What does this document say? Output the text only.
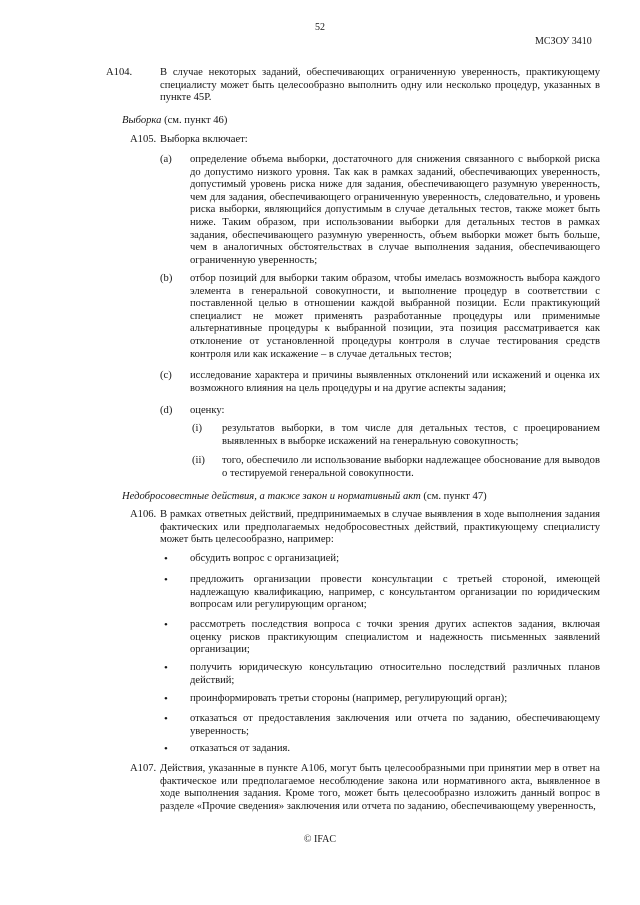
52
МСЗОУ 3410
A104.	В случае некоторых заданий, обеспечивающих ограниченную уверенность, практикующему специалисту может быть целесообразно выполнить одну или несколько процедур, указанных в пункте 45Р.
Выборка (см. пункт 46)
A105. Выборка включает:
(a) определение объема выборки, достаточного для снижения связанного с выборкой риска до допустимо низкого уровня. Так как в рамках заданий, обеспечивающих уверенность, допустимый уровень риска ниже для задания, обеспечивающего разумную уверенность, чем для задания, обеспечивающего ограниченную уверенность, следовательно, и уровень риска выборки, являющийся допустимым в случае детальных тестов, также может быть ниже. Таким образом, при использовании выборки для детальных тестов в рамках задания, обеспечивающего разумную уверенность, объем выборки может быть больше, чем в аналогичных обстоятельствах в случае выполнения задания, обеспечивающего ограниченную уверенность;
(b) отбор позиций для выборки таким образом, чтобы имелась возможность выбора каждого элемента в генеральной совокупности, и выполнение процедур в соответствии с поставленной целью в отношении каждой выбранной позиции. Если практикующий специалист не может применять разработанные процедуры или применимые альтернативные процедуры к выбранной позиции, эта позиция рассматривается как отклонение от установленной процедуры контроля в случае тестирования средств контроля или как искажение – в случае детальных тестов;
(c) исследование характера и причины выявленных отклонений или искажений и оценка их возможного влияния на цель процедуры и на другие аспекты задания;
(d) оценку:
(i) результатов выборки, в том числе для детальных тестов, с проецированием выявленных в выборке искажений на генеральную совокупность;
(ii) того, обеспечило ли использование выборки надлежащее обоснование для выводов о тестируемой генеральной совокупности.
Недобросовестные действия, а также закон и нормативный акт (см. пункт 47)
A106. В рамках ответных действий, предпринимаемых в случае выявления в ходе выполнения задания фактических или предполагаемых недобросовестных действий, практикующему специалисту может быть целесообразно, например:
• обсудить вопрос с организацией;
• предложить организации провести консультации с третьей стороной, имеющей надлежащую квалификацию, например, с консультантом организации по юридическим вопросам или регулирующим органом;
• рассмотреть последствия вопроса с точки зрения других аспектов задания, включая оценку рисков практикующим специалистом и надежность письменных заявлений организации;
• получить юридическую консультацию относительно последствий различных планов действий;
• проинформировать третьи стороны (например, регулирующий орган);
• отказаться от предоставления заключения или отчета по заданию, обеспечивающему уверенность;
• отказаться от задания.
A107. Действия, указанные в пункте A106, могут быть целесообразными при принятии мер в ответ на фактическое или предполагаемое несоблюдение закона или нормативного акта, выявленное в ходе выполнения задания. Кроме того, может быть целесообразно изложить данный вопрос в разделе «Прочие сведения» заключения или отчета по заданию, обеспечивающему уверенность,
© IFAC
